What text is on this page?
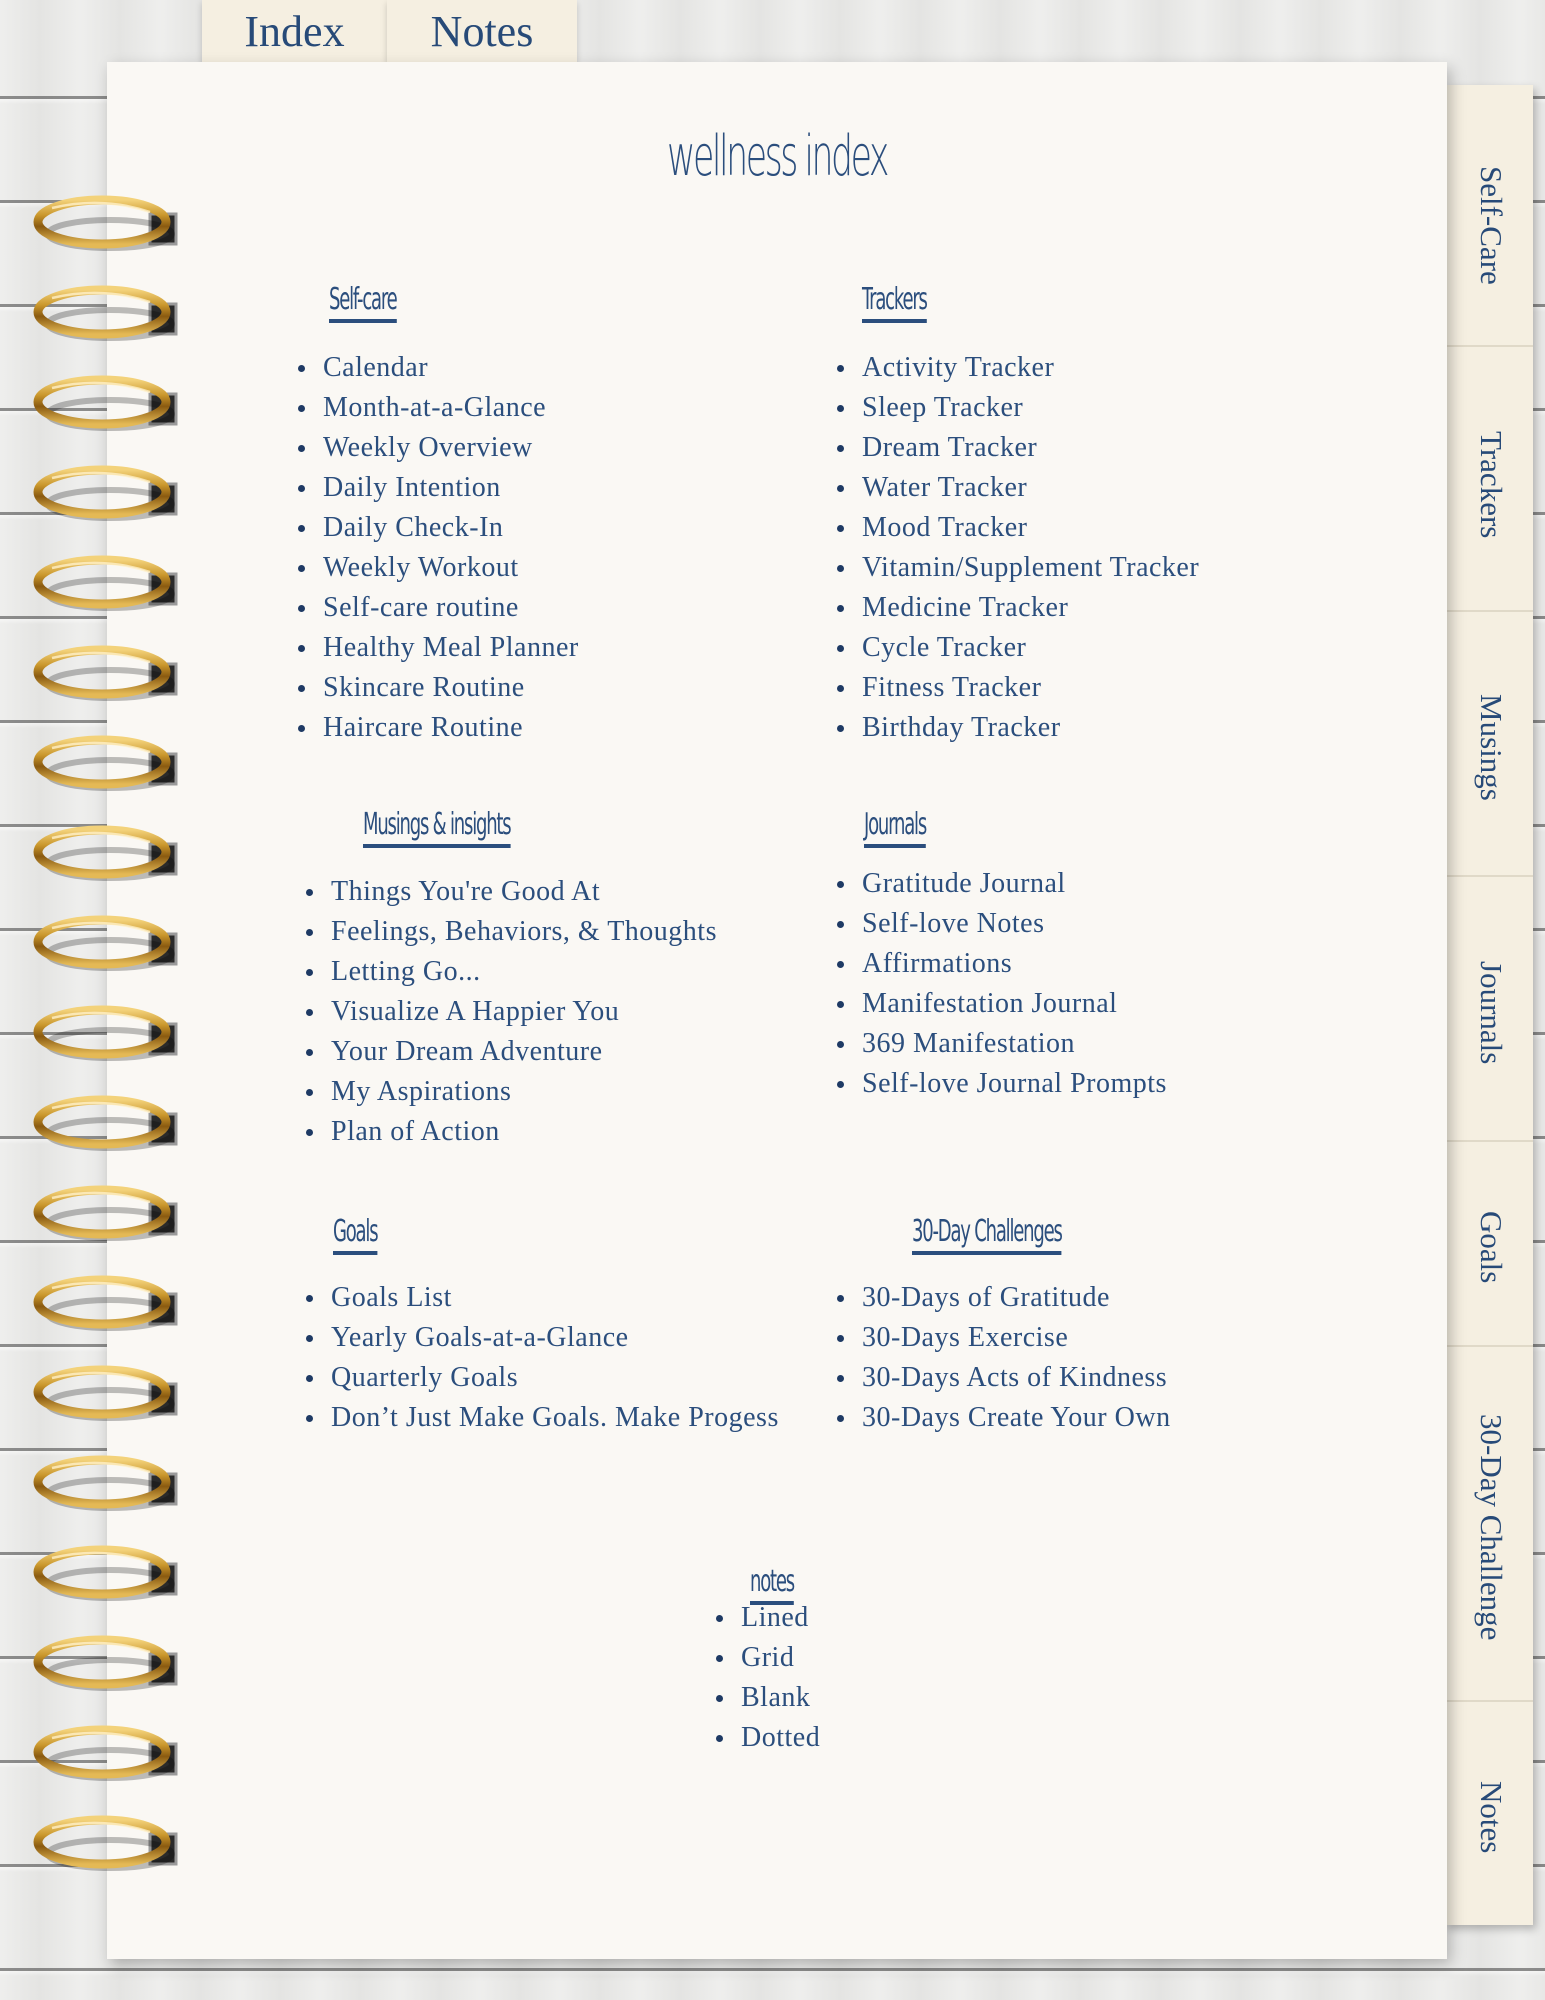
Index	Notes
Self-Care
Trackers
Musings
Journals
Goals
30-Day Challenge
Notes
wellness index
Self-care
Calendar
Month-at-a-Glance
Weekly Overview
Daily Intention
Daily Check-In
Weekly Workout
Self-care routine
Healthy Meal Planner
Skincare Routine
Haircare Routine
Trackers
Activity Tracker
Sleep Tracker
Dream Tracker
Water Tracker
Mood Tracker
Vitamin/Supplement Tracker
Medicine Tracker
Cycle Tracker
Fitness Tracker
Birthday Tracker
Musings & insights
Things You're Good At
Feelings, Behaviors, & Thoughts
Letting Go...
Visualize A Happier You
Your Dream Adventure
My Aspirations
Plan of Action
Journals
Gratitude Journal
Self-love Notes
Affirmations
Manifestation Journal
369 Manifestation
Self-love Journal Prompts
Goals
Goals List
Yearly Goals-at-a-Glance
Quarterly Goals
Don’t Just Make Goals. Make Progess
30-Day Challenges
30-Days of Gratitude
30-Days Exercise
30-Days Acts of Kindness
30-Days Create Your Own
notes
Lined
Grid
Blank
Dotted
